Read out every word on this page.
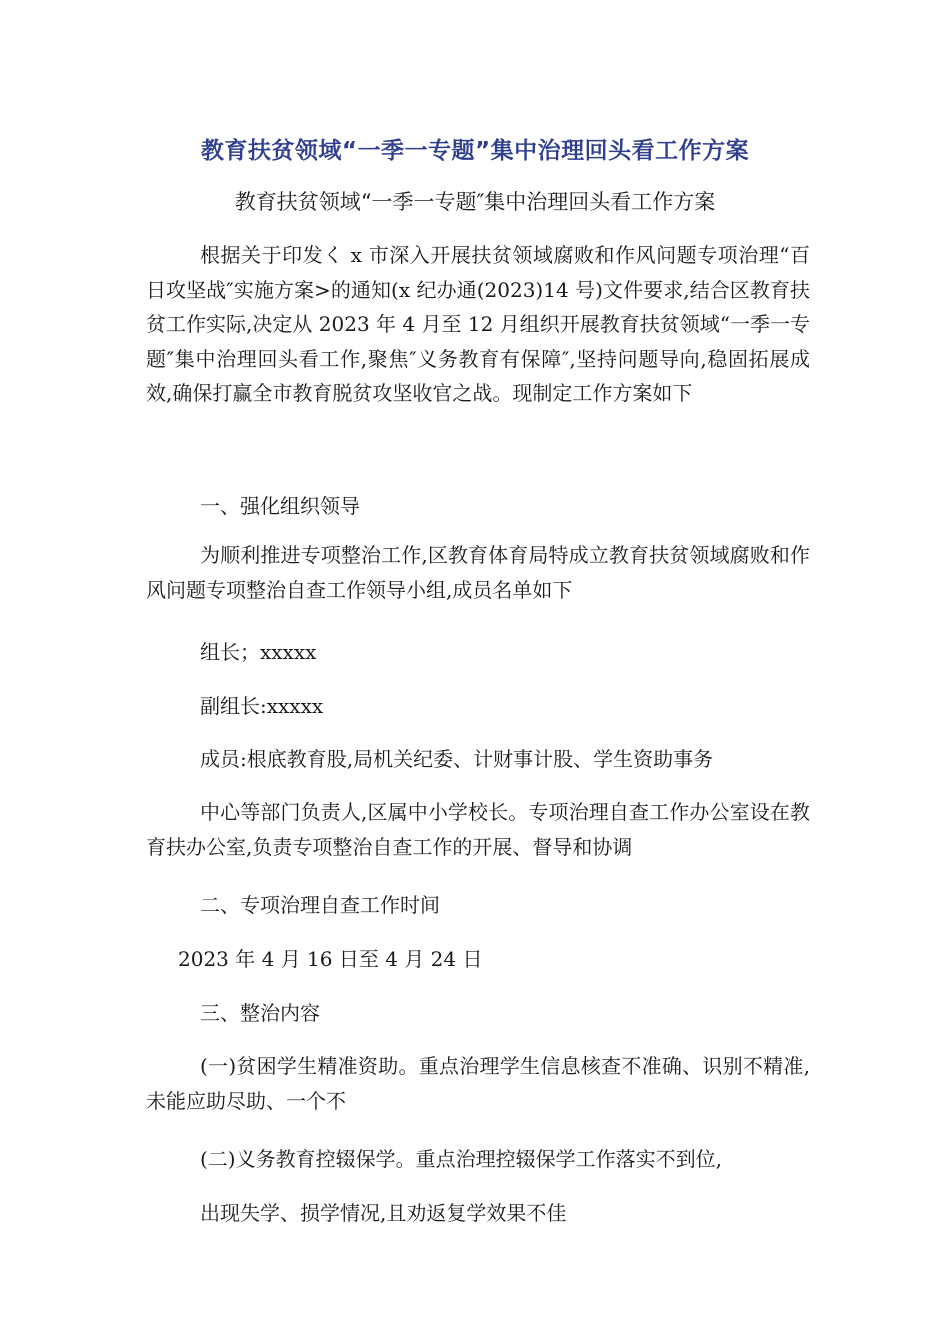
教育扶贫领域“一季一专题”集中治理回头看工作方案
教育扶贫领域“一季一专题″集中治理回头看工作方案
根据关于印发く x 市深入开展扶贫领域腐败和作风问题专项治理“百日攻坚战″实施方案>的通知(x 纪办通(2023)14 号)文件要求,结合区教育扶贫工作实际,决定从 2023 年 4 月至 12 月组织开展教育扶贫领域“一季一专题″集中治理回头看工作,聚焦″义务教育有保障″,坚持问题导向,稳固拓展成效,确保打赢全市教育脱贫攻坚收官之战。现制定工作方案如下
一、强化组织领导
为顺利推进专项整治工作,区教育体育局特成立教育扶贫领域腐败和作风问题专项整治自查工作领导小组,成员名单如下
组长；xxxxx
副组长:xxxxx
成员:根底教育股,局机关纪委、计财事计股、学生资助事务
中心等部门负责人,区属中小学校长。专项治理自查工作办公室设在教育扶办公室,负责专项整治自查工作的开展、督导和协调
二、专项治理自查工作时间
2023 年 4 月 16 日至 4 月 24 日
三、整治内容
(一)贫困学生精准资助。重点治理学生信息核查不准确、识别不精准,未能应助尽助、一个不
(二)义务教育控辍保学。重点治理控辍保学工作落实不到位,
出现失学、损学情况,且劝返复学效果不佳
